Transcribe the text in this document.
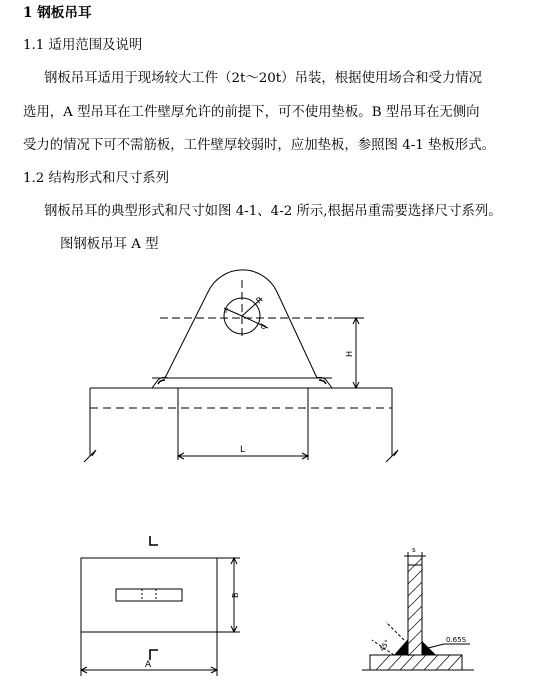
1 钢板吊耳
1.1 适用范围及说明
钢板吊耳适用于现场较大工件（2t～20t）吊装，根据使用场合和受力情况
选用，A 型吊耳在工件壁厚允许的前提下，可不使用垫板。B 型吊耳在无侧向
受力的情况下可不需筋板，工件壁厚较弱时，应加垫板，参照图 4-1 垫板形式。
1.2 结构形式和尺寸系列
钢板吊耳的典型形式和尺寸如图 4-1、4-2 所示,根据吊重需要选择尺寸系列。
图钢板吊耳 A 型
r
R
d
H
L
B
A
s
0.65S
45°
